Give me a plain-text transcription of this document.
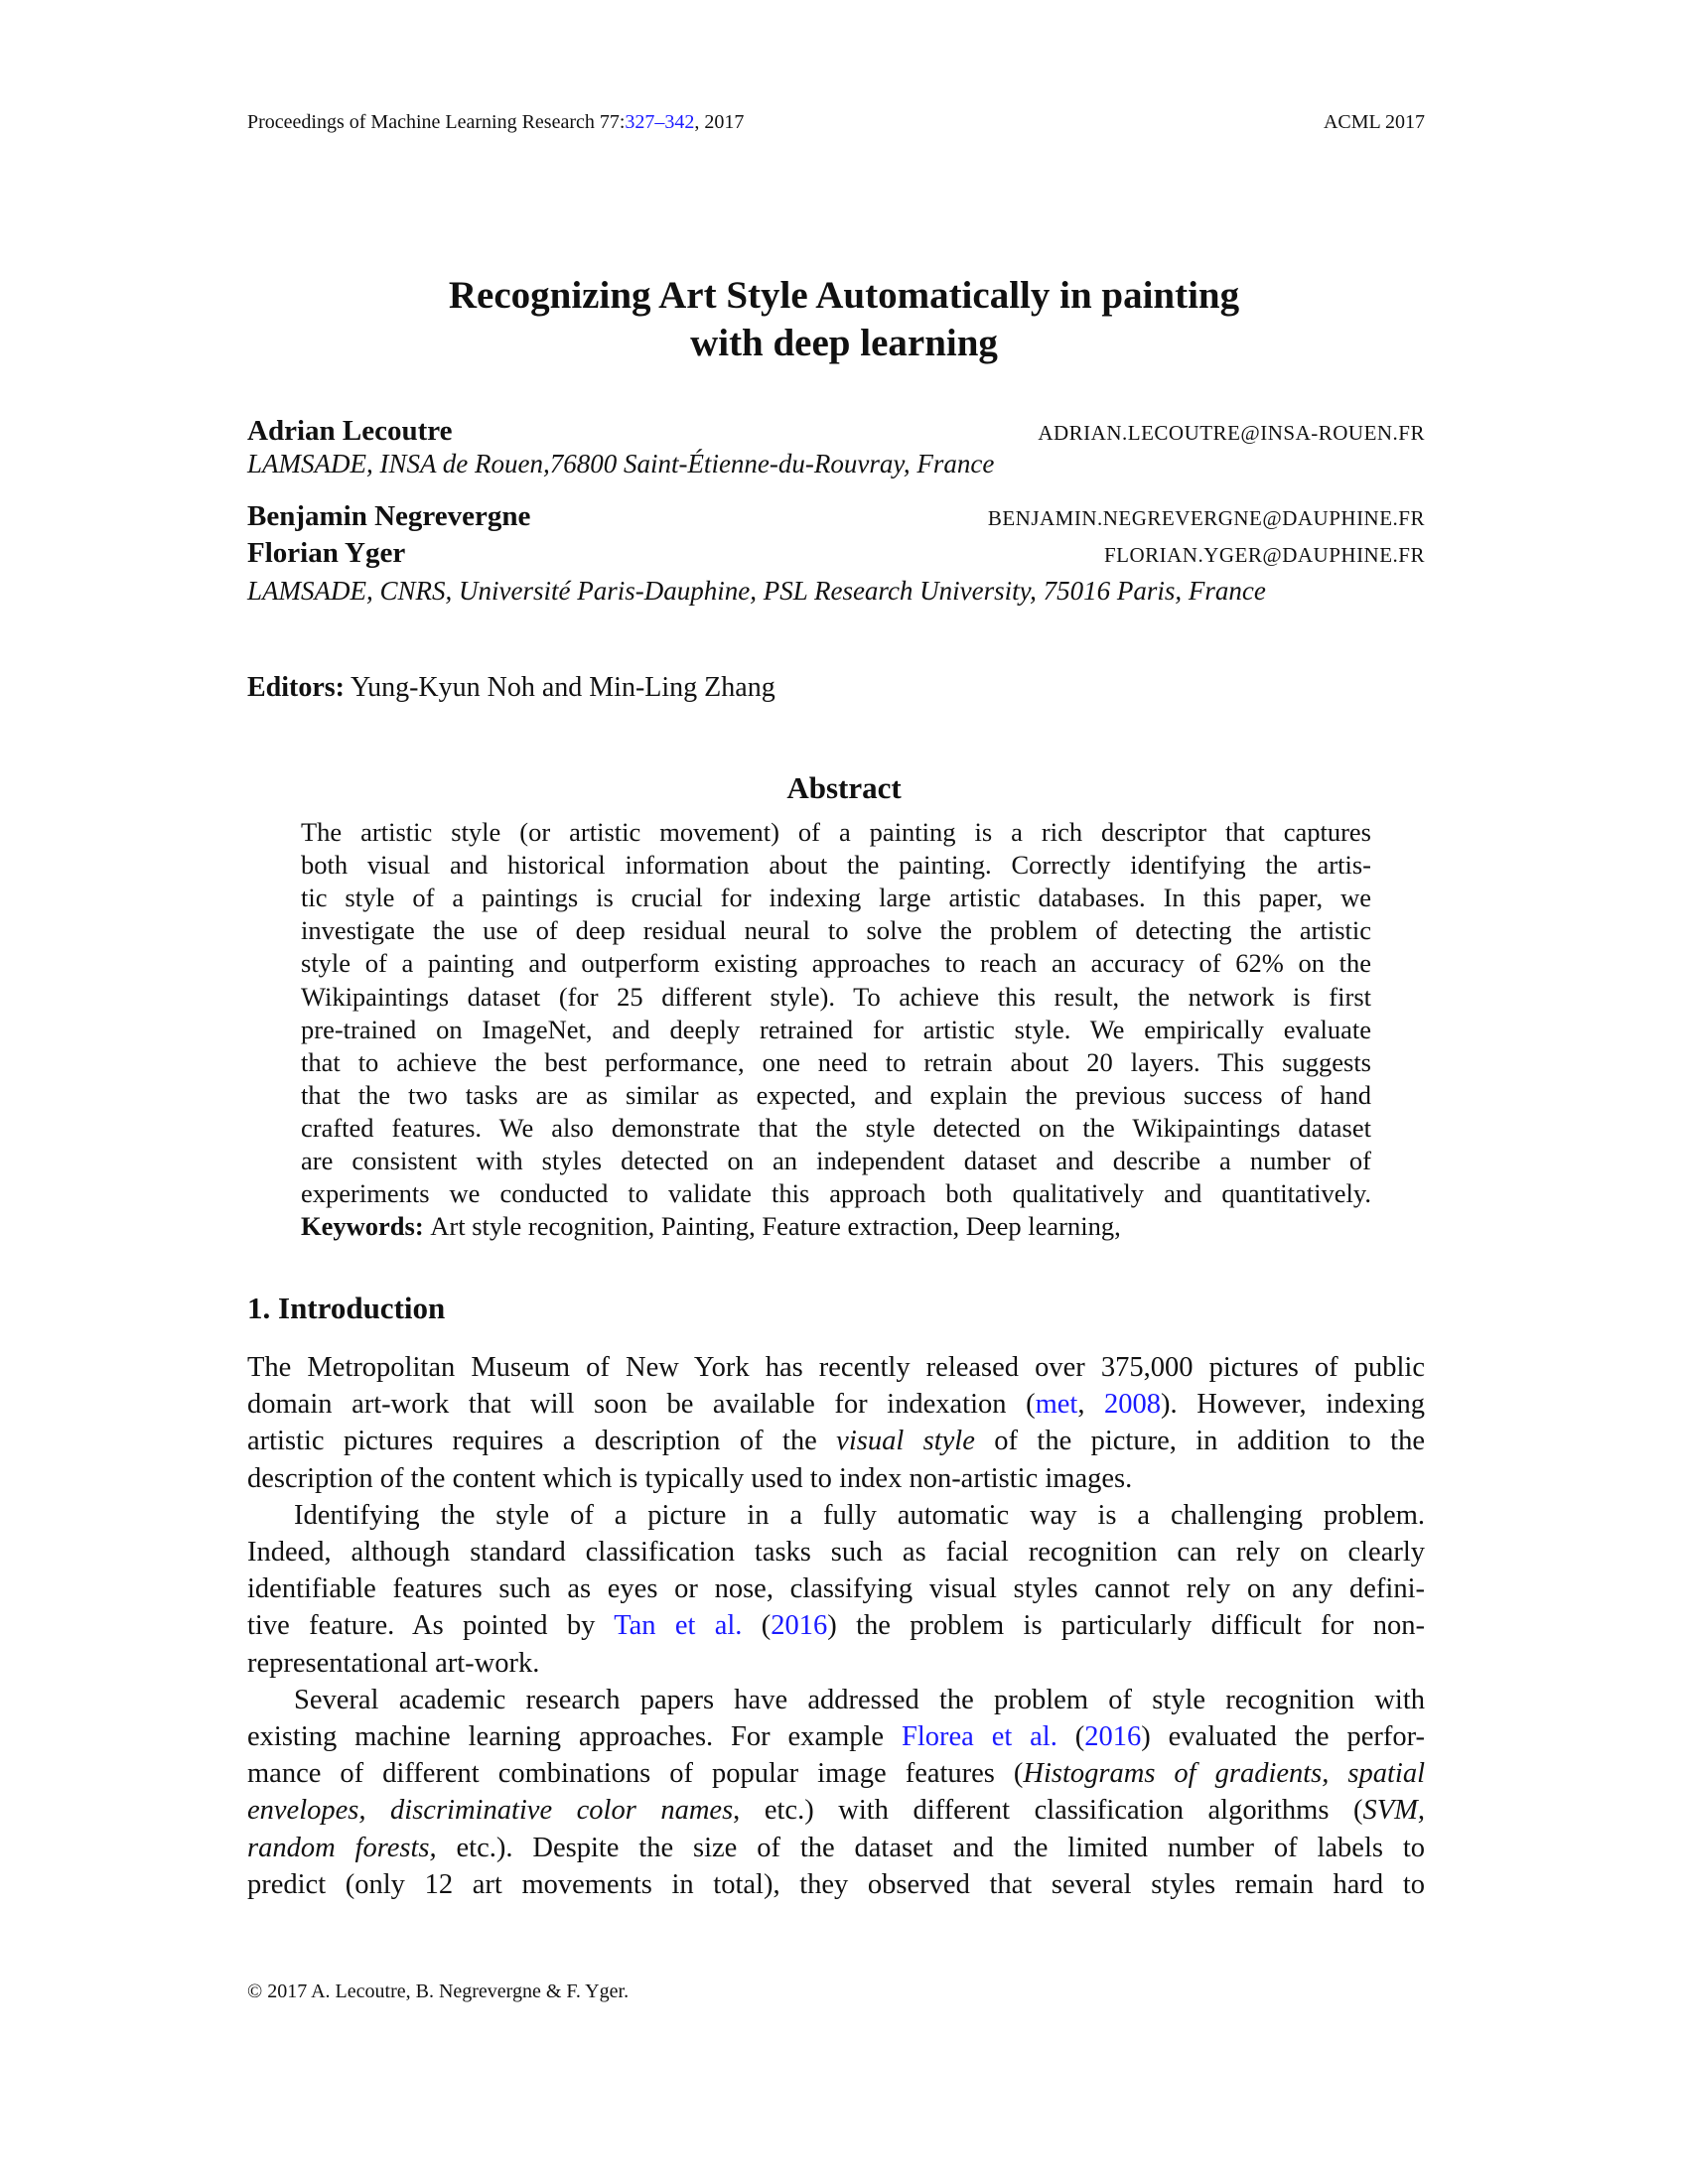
Proceedings of Machine Learning Research 77:327–342, 2017	ACML 2017
Recognizing Art Style Automatically in painting
with deep learning
Adrian Lecoutre	ADRIAN.LECOUTRE@INSA-ROUEN.FR
LAMSADE, INSA de Rouen,76800 Saint-Étienne-du-Rouvray, France
Benjamin Negrevergne	BENJAMIN.NEGREVERGNE@DAUPHINE.FR
Florian Yger	FLORIAN.YGER@DAUPHINE.FR
LAMSADE, CNRS, Université Paris-Dauphine, PSL Research University, 75016 Paris, France
Editors: Yung-Kyun Noh and Min-Ling Zhang
Abstract
The artistic style (or artistic movement) of a painting is a rich descriptor that captures
both visual and historical information about the painting. Correctly identifying the artis-
tic style of a paintings is crucial for indexing large artistic databases. In this paper, we
investigate the use of deep residual neural to solve the problem of detecting the artistic
style of a painting and outperform existing approaches to reach an accuracy of 62% on the
Wikipaintings dataset (for 25 different style). To achieve this result, the network is first
pre-trained on ImageNet, and deeply retrained for artistic style. We empirically evaluate
that to achieve the best performance, one need to retrain about 20 layers. This suggests
that the two tasks are as similar as expected, and explain the previous success of hand
crafted features. We also demonstrate that the style detected on the Wikipaintings dataset
are consistent with styles detected on an independent dataset and describe a number of
experiments we conducted to validate this approach both qualitatively and quantitatively.
Keywords: Art style recognition, Painting, Feature extraction, Deep learning,
1. Introduction
The Metropolitan Museum of New York has recently released over 375,000 pictures of public
domain art-work that will soon be available for indexation (met, 2008). However, indexing
artistic pictures requires a description of the visual style of the picture, in addition to the
description of the content which is typically used to index non-artistic images.
Identifying the style of a picture in a fully automatic way is a challenging problem.
Indeed, although standard classification tasks such as facial recognition can rely on clearly
identifiable features such as eyes or nose, classifying visual styles cannot rely on any defini-
tive feature. As pointed by Tan et al. (2016) the problem is particularly difficult for non-
representational art-work.
Several academic research papers have addressed the problem of style recognition with
existing machine learning approaches. For example Florea et al. (2016) evaluated the perfor-
mance of different combinations of popular image features (Histograms of gradients, spatial
envelopes, discriminative color names, etc.) with different classification algorithms (SVM,
random forests, etc.). Despite the size of the dataset and the limited number of labels to
predict (only 12 art movements in total), they observed that several styles remain hard to
© 2017 A. Lecoutre, B. Negrevergne & F. Yger.
